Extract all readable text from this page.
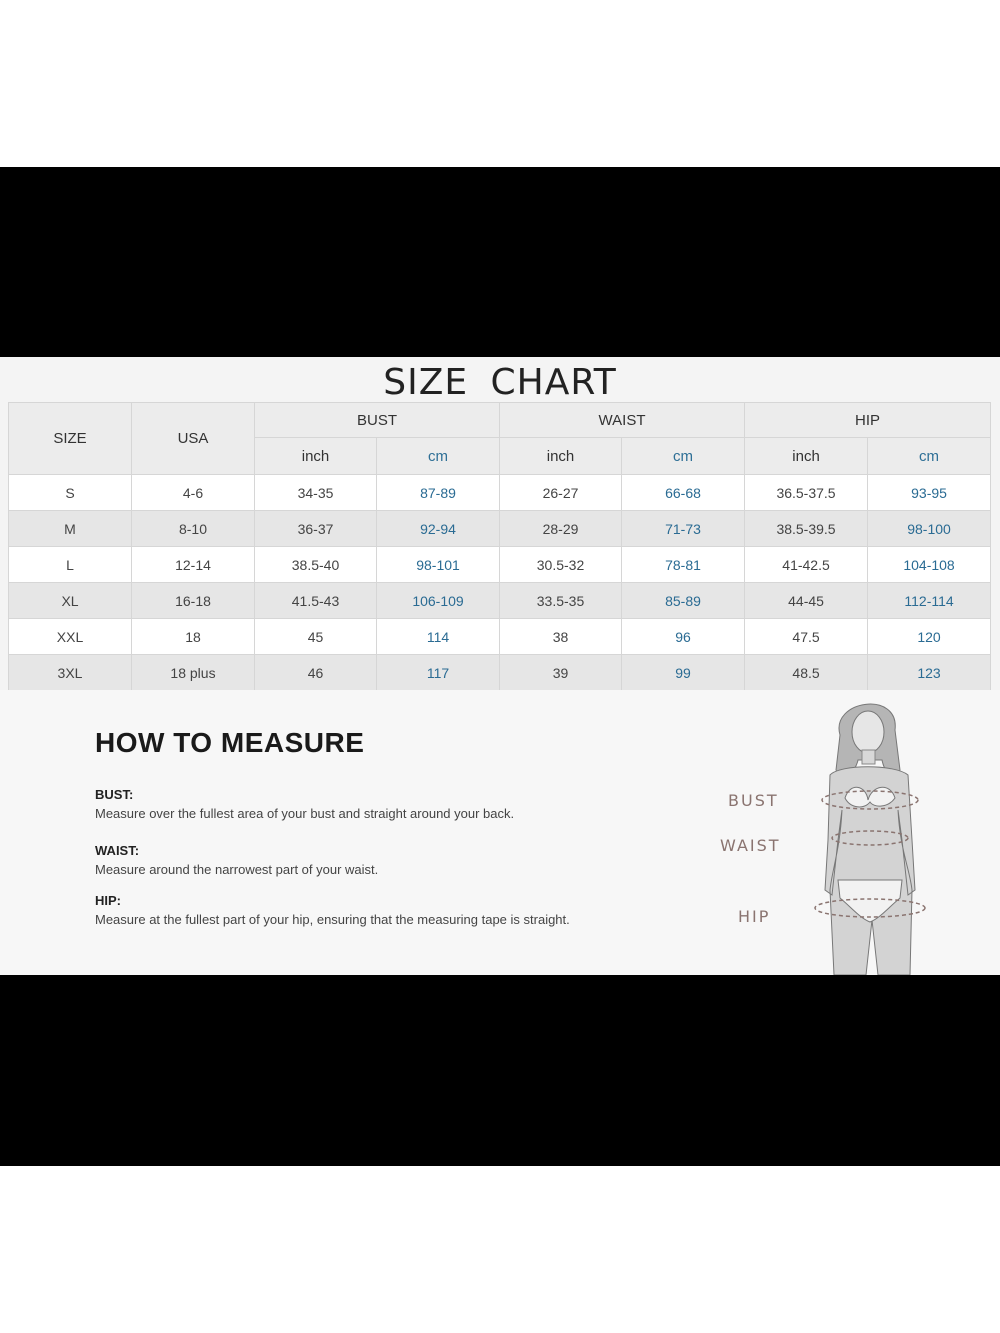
SIZE CHART
SIZE	USA	BUST		WAIST		HIP	
		inch	cm	inch	cm	inch	cm
S	4-6	34-35	87-89	26-27	66-68	36.5-37.5	93-95
M	8-10	36-37	92-94	28-29	71-73	38.5-39.5	98-100
L	12-14	38.5-40	98-101	30.5-32	78-81	41-42.5	104-108
XL	16-18	41.5-43	106-109	33.5-35	85-89	44-45	112-114
XXL	18	45	114	38	96	47.5	120
3XL	18 plus	46	117	39	99	48.5	123
HOW TO MEASURE
BUST:
Measure over the fullest area of your bust and straight around your back.
WAIST:
Measure around the narrowest part of your waist.
HIP:
Measure at the fullest part of your hip, ensuring that the measuring tape is straight.
BUST
WAIST
HIP
